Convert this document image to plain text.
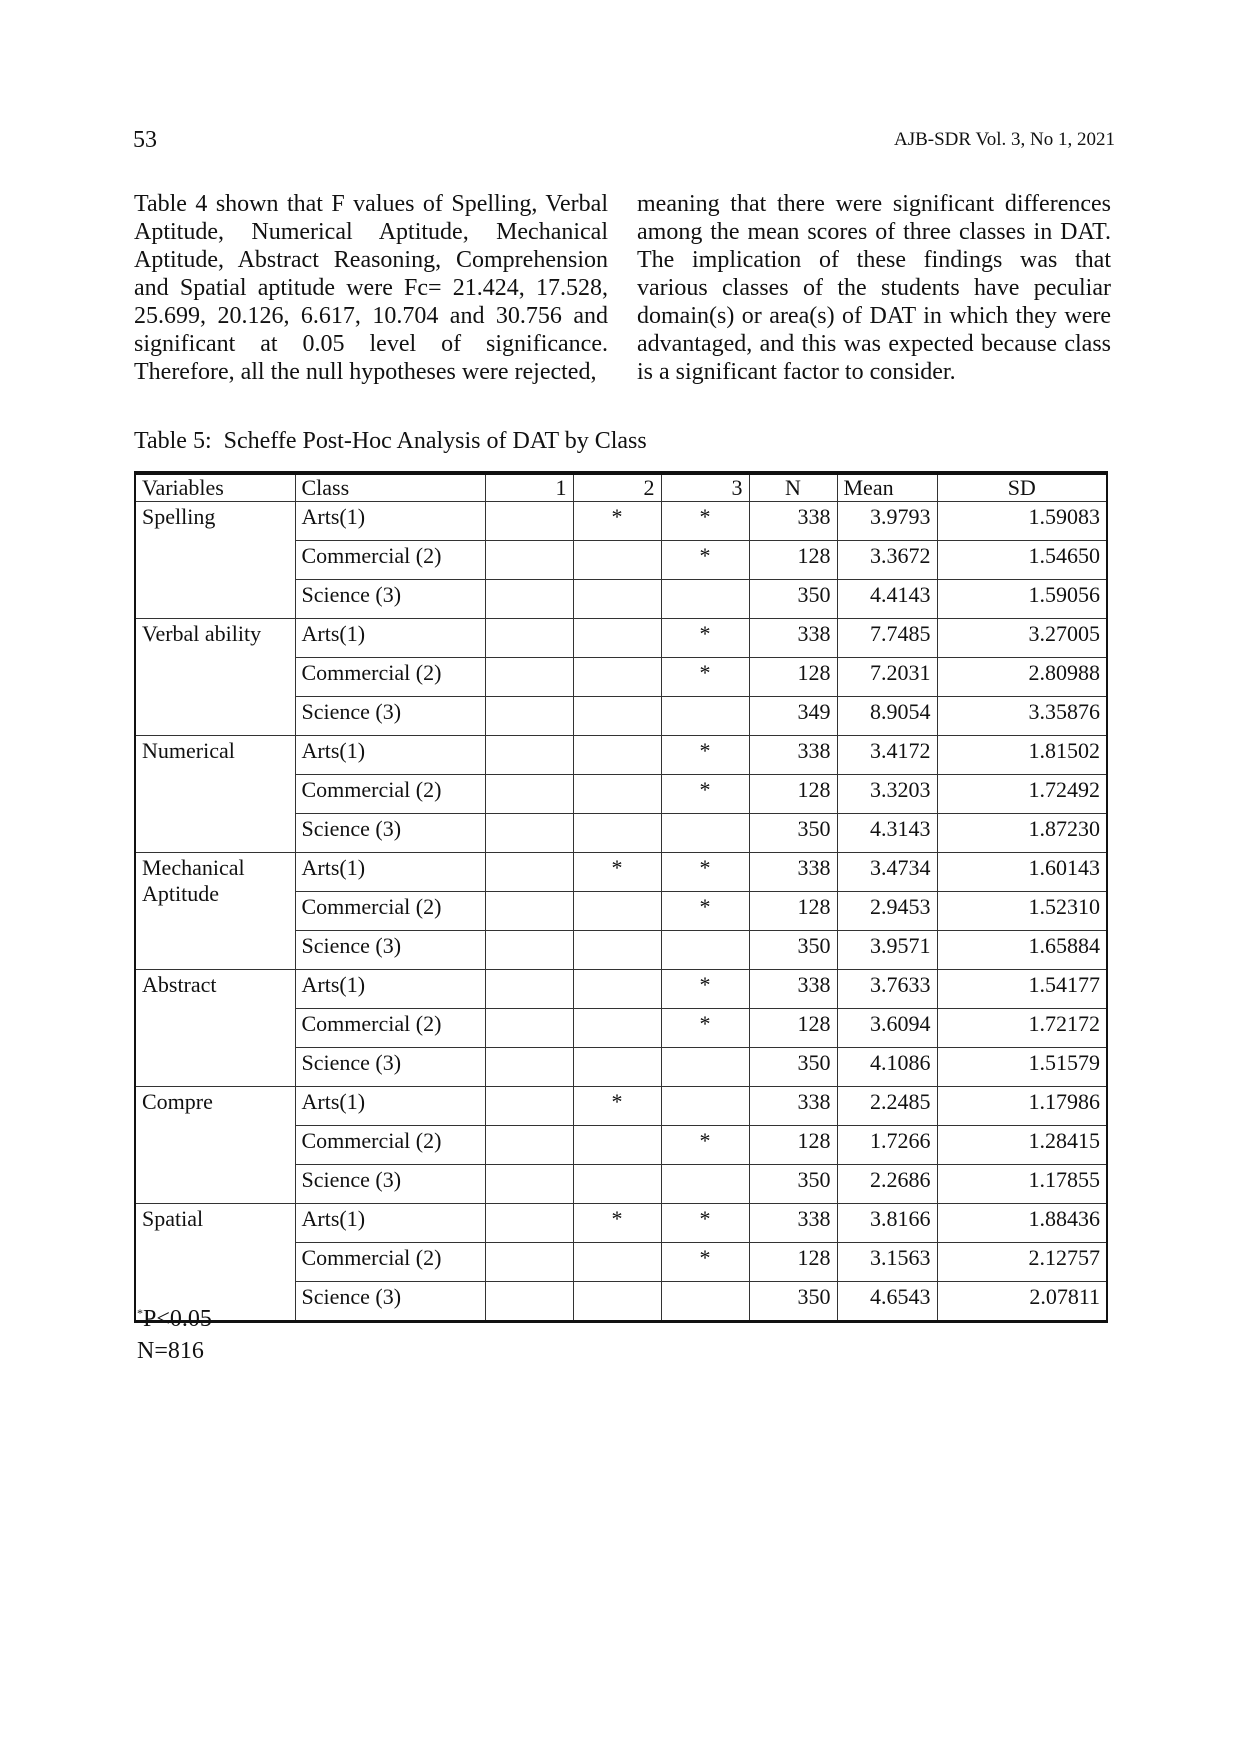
53	AJB-SDR Vol. 3, No 1, 2021

Table 4 shown that F values of Spelling, Verbal Aptitude, Numerical Aptitude, Mechanical Aptitude, Abstract Reasoning, Comprehension and Spatial aptitude were Fc= 21.424, 17.528, 25.699, 20.126, 6.617, 10.704 and 30.756 and significant at 0.05 level of significance. Therefore, all the null hypotheses were rejected,

meaning that there were significant differences among the mean scores of three classes in DAT. The implication of these findings was that various classes of the students have peculiar domain(s) or area(s) of DAT in which they were advantaged, and this was expected because class is a significant factor to consider.

Table 5: Scheffe Post-Hoc Analysis of DAT by Class
Variables	Class	1	2	3	N	Mean	SD
Spelling	Arts(1)		*	*	338	3.9793	1.59083
	Commercial (2)			*	128	3.3672	1.54650
	Science (3)				350	4.4143	1.59056
Verbal ability	Arts(1)			*	338	7.7485	3.27005
	Commercial (2)			*	128	7.2031	2.80988
	Science (3)				349	8.9054	3.35876
Numerical	Arts(1)			*	338	3.4172	1.81502
	Commercial (2)			*	128	3.3203	1.72492
	Science (3)				350	4.3143	1.87230
Mechanical Aptitude	Arts(1)		*	*	338	3.4734	1.60143
	Commercial (2)			*	128	2.9453	1.52310
	Science (3)				350	3.9571	1.65884
Abstract	Arts(1)			*	338	3.7633	1.54177
	Commercial (2)			*	128	3.6094	1.72172
	Science (3)				350	4.1086	1.51579
Compre	Arts(1)		*		338	2.2485	1.17986
	Commercial (2)			*	128	1.7266	1.28415
	Science (3)				350	2.2686	1.17855
Spatial	Arts(1)		*	*	338	3.8166	1.88436
	Commercial (2)			*	128	3.1563	2.12757
	Science (3)				350	4.6543	2.07811
*P<0.05
N=816
